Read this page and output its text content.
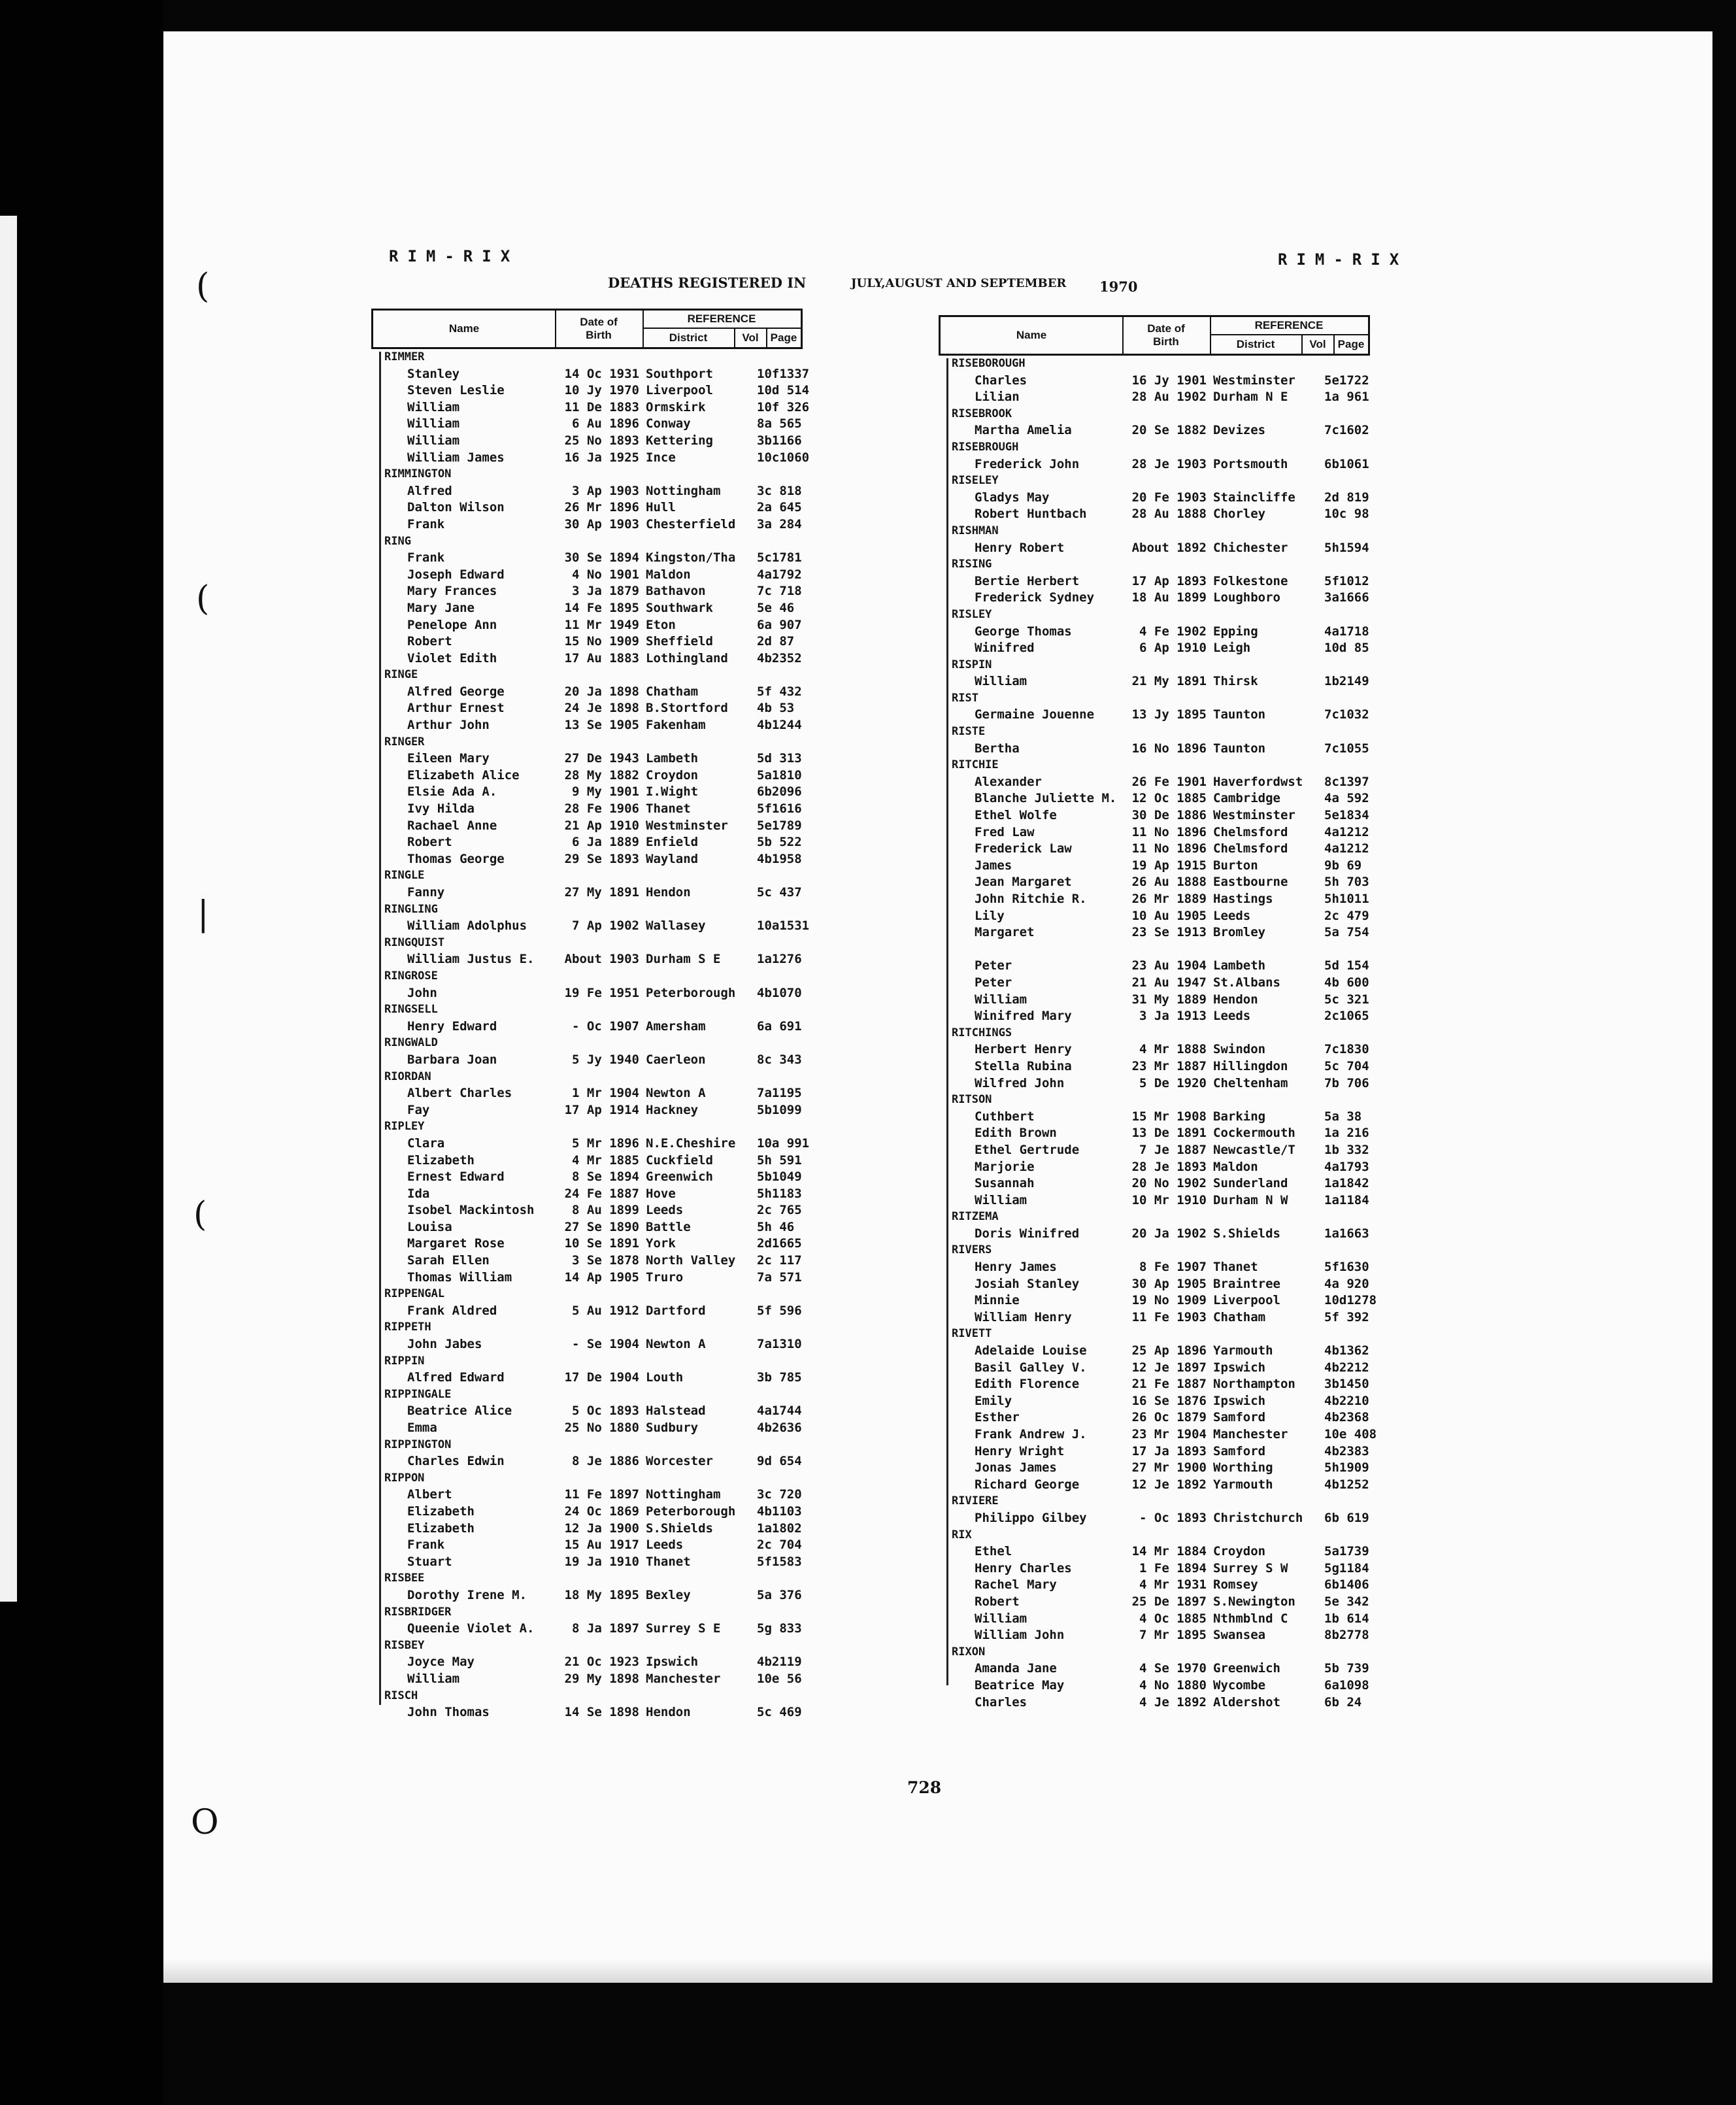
(
(
|
(
O
RIM-RIX	RIM-RIX
DEATHS REGISTERED IN	JULY,AUGUST AND SEPTEMBER 1970
Name
Date of
Birth
REFERENCE
District	Vol	Page
RIMMER
Stanley	14 Oc 1931 Southport	10f1337
Steven Leslie	10 Jy 1970 Liverpool	10d 514
William	11 De 1883 Ormskirk	10f 326
William	6 Au 1896 Conway	8a 565
William	25 No 1893 Kettering	3b1166
William James	16 Ja 1925 Ince	10c1060
RIMMINGTON
Alfred	3 Ap 1903 Nottingham	3c 818
Dalton Wilson	26 Mr 1896 Hull	2a 645
Frank	30 Ap 1903 Chesterfield 3a 284
RING
Frank	30 Se 1894 Kingston/Tha 5c1781
Joseph Edward	4 No 1901 Maldon	4a1792
Mary Frances	3 Ja 1879 Bathavon	7c 718
Mary Jane	14 Fe 1895 Southwark	5e 46
Penelope Ann	11 Mr 1949 Eton	6a 907
Robert	15 No 1909 Sheffield	2d 87
Violet Edith	17 Au 1883 Lothingland 4b2352
RINGE
Alfred George	20 Ja 1898 Chatham	5f 432
Arthur Ernest	24 Je 1898 B.Stortford 4b 53
Arthur John	13 Se 1905 Fakenham	4b1244
RINGER
Eileen Mary	27 De 1943 Lambeth	5d 313
Elizabeth Alice	28 My 1882 Croydon	5a1810
Elsie Ada A.	9 My 1901 I.Wight	6b2096
Ivy Hilda	28 Fe 1906 Thanet	5f1616
Rachael Anne	21 Ap 1910 Westminster 5e1789
Robert	6 Ja 1889 Enfield	5b 522
Thomas George	29 Se 1893 Wayland	4b1958
RINGLE
Fanny	27 My 1891 Hendon	5c 437
RINGLING
William Adolphus	7 Ap 1902 Wallasey	10a1531
RINGQUIST
William Justus E.	About 1903 Durham S E	1a1276
RINGROSE
John	19 Fe 1951 Peterborough 4b1070
RINGSELL
Henry Edward	- Oc 1907 Amersham	6a 691
RINGWALD
Barbara Joan	5 Jy 1940 Caerleon	8c 343
RIORDAN
Albert Charles	1 Mr 1904 Newton A	7a1195
Fay	17 Ap 1914 Hackney	5b1099
RIPLEY
Clara	5 Mr 1896 N.E.Cheshire 10a 991
Elizabeth	4 Mr 1885 Cuckfield	5h 591
Ernest Edward	8 Se 1894 Greenwich	5b1049
Ida	24 Fe 1887 Hove	5h1183
Isobel Mackintosh	8 Au 1899 Leeds	2c 765
Louisa	27 Se 1890 Battle	5h 46
Margaret Rose	10 Se 1891 York	2d1665
Sarah Ellen	3 Se 1878 North Valley 2c 117
Thomas William	14 Ap 1905 Truro	7a 571
RIPPENGAL
Frank Aldred	5 Au 1912 Dartford	5f 596
RIPPETH
John Jabes	- Se 1904 Newton A	7a1310
RIPPIN
Alfred Edward	17 De 1904 Louth	3b 785
RIPPINGALE
Beatrice Alice	5 Oc 1893 Halstead	4a1744
Emma	25 No 1880 Sudbury	4b2636
RIPPINGTON
Charles Edwin	8 Je 1886 Worcester	9d 654
RIPPON
Albert	11 Fe 1897 Nottingham	3c 720
Elizabeth	24 Oc 1869 Peterborough 4b1103
Elizabeth	12 Ja 1900 S.Shields	1a1802
Frank	15 Au 1917 Leeds	2c 704
Stuart	19 Ja 1910 Thanet	5f1583
RISBEE
Dorothy Irene M.	18 My 1895 Bexley	5a 376
RISBRIDGER
Queenie Violet A.	8 Ja 1897 Surrey S E	5g 833
RISBEY
Joyce May	21 Oc 1923 Ipswich	4b2119
William	29 My 1898 Manchester	10e 56
RISCH
John Thomas	14 Se 1898 Hendon	5c 469
Name
Date of
Birth
REFERENCE
District	Vol	Page
RISEBOROUGH
Charles	16 Jy 1901 Westminster 5e1722
Lilian	28 Au 1902 Durham N E	1a 961
RISEBROOK
Martha Amelia	20 Se 1882 Devizes	7c1602
RISEBROUGH
Frederick John	28 Je 1903 Portsmouth	6b1061
RISELEY
Gladys May	20 Fe 1903 Staincliffe 2d 819
Robert Huntbach	28 Au 1888 Chorley	10c 98
RISHMAN
Henry Robert	About 1892 Chichester	5h1594
RISING
Bertie Herbert	17 Ap 1893 Folkestone	5f1012
Frederick Sydney	18 Au 1899 Loughboro	3a1666
RISLEY
George Thomas	4 Fe 1902 Epping	4a1718
Winifred	6 Ap 1910 Leigh	10d 85
RISPIN
William	21 My 1891 Thirsk	1b2149
RIST
Germaine Jouenne	13 Jy 1895 Taunton	7c1032
RISTE
Bertha	16 No 1896 Taunton	7c1055
RITCHIE
Alexander	26 Fe 1901 Haverfordwst 8c1397
Blanche Juliette M.	12 Oc 1885 Cambridge	4a 592
Ethel Wolfe	30 De 1886 Westminster 5e1834
Fred Law	11 No 1896 Chelmsford	4a1212
Frederick Law	11 No 1896 Chelmsford	4a1212
James	19 Ap 1915 Burton	9b 69
Jean Margaret	26 Au 1888 Eastbourne	5h 703
John Ritchie R.	26 Mr 1889 Hastings	5h1011
Lily	10 Au 1905 Leeds	2c 479
Margaret	23 Se 1913 Bromley	5a 754
Peter	23 Au 1904 Lambeth	5d 154
Peter	21 Au 1947 St.Albans	4b 600
William	31 My 1889 Hendon	5c 321
Winifred Mary	3 Ja 1913 Leeds	2c1065
RITCHINGS
Herbert Henry	4 Mr 1888 Swindon	7c1830
Stella Rubina	23 Mr 1887 Hillingdon	5c 704
Wilfred John	5 De 1920 Cheltenham	7b 706
RITSON
Cuthbert	15 Mr 1908 Barking	5a 38
Edith Brown	13 De 1891 Cockermouth 1a 216
Ethel Gertrude	7 Je 1887 Newcastle/T 1b 332
Marjorie	28 Je 1893 Maldon	4a1793
Susannah	20 No 1902 Sunderland	1a1842
William	10 Mr 1910 Durham N W	1a1184
RITZEMA
Doris Winifred	20 Ja 1902 S.Shields	1a1663
RIVERS
Henry James	8 Fe 1907 Thanet	5f1630
Josiah Stanley	30 Ap 1905 Braintree	4a 920
Minnie	19 No 1909 Liverpool	10d1278
William Henry	11 Fe 1903 Chatham	5f 392
RIVETT
Adelaide Louise	25 Ap 1896 Yarmouth	4b1362
Basil Galley V.	12 Je 1897 Ipswich	4b2212
Edith Florence	21 Fe 1887 Northampton 3b1450
Emily	16 Se 1876 Ipswich	4b2210
Esther	26 Oc 1879 Samford	4b2368
Frank Andrew J.	23 Mr 1904 Manchester	10e 408
Henry Wright	17 Ja 1893 Samford	4b2383
Jonas James	27 Mr 1900 Worthing	5h1909
Richard George	12 Je 1892 Yarmouth	4b1252
RIVIERE
Philippo Gilbey	- Oc 1893 Christchurch 6b 619
RIX
Ethel	14 Mr 1884 Croydon	5a1739
Henry Charles	1 Fe 1894 Surrey S W	5g1184
Rachel Mary	4 Mr 1931 Romsey	6b1406
Robert	25 De 1897 S.Newington 5e 342
William	4 Oc 1885 Nthmblnd C	1b 614
William John	7 Mr 1895 Swansea	8b2778
RIXON
Amanda Jane	4 Se 1970 Greenwich	5b 739
Beatrice May	4 No 1880 Wycombe	6a1098
Charles	4 Je 1892 Aldershot	6b 24
728
